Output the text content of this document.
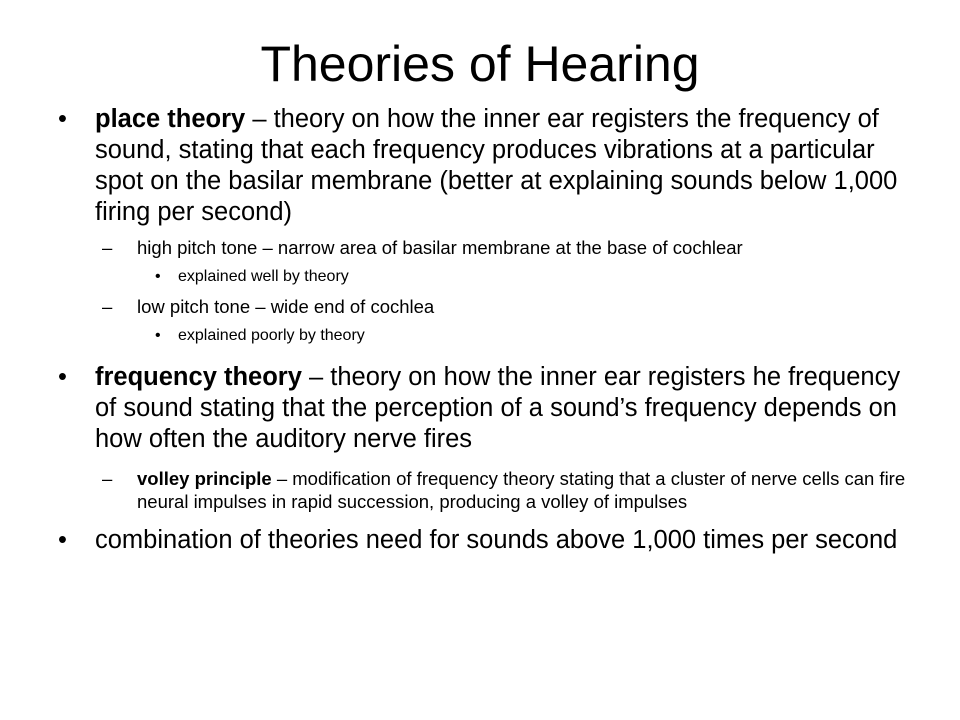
Theories of Hearing
•	place theory – theory on how the inner ear registers the frequency of sound, stating that each frequency produces vibrations at a particular spot on the basilar membrane (better at explaining sounds below 1,000 firing per second)
– high pitch tone – narrow area of basilar membrane at the base of cochlear
• explained well by theory
– low pitch tone – wide end of cochlea
• explained poorly by theory
•	frequency theory – theory on how the inner ear registers he frequency of sound stating that the perception of a sound’s frequency depends on how often the auditory nerve fires
– volley principle – modification of frequency theory stating that a cluster of nerve cells can fire neural impulses in rapid succession, producing a volley of impulses
•	combination of theories need for sounds above 1,000 times per second
